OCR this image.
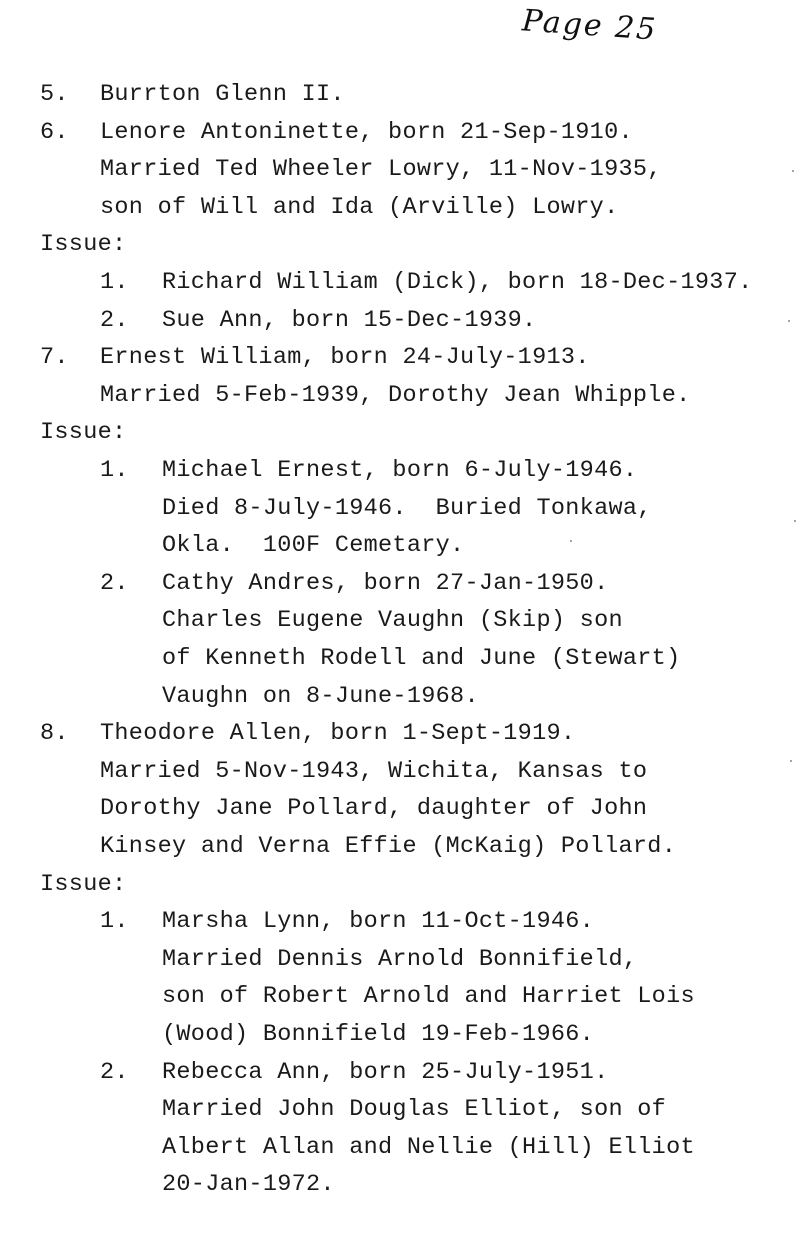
Page 25
5. Burrton Glenn II.
6. Lenore Antoninette, born 21-Sep-1910.
Married Ted Wheeler Lowry, 11-Nov-1935,
son of Will and Ida (Arville) Lowry.
Issue:
1. Richard William (Dick), born 18-Dec-1937.
2. Sue Ann, born 15-Dec-1939.
7. Ernest William, born 24-July-1913.
Married 5-Feb-1939, Dorothy Jean Whipple.
Issue:
1. Michael Ernest, born 6-July-1946.
Died 8-July-1946.  Buried Tonkawa,
Okla.  100F Cemetary.
2. Cathy Andres, born 27-Jan-1950.
Charles Eugene Vaughn (Skip) son
of Kenneth Rodell and June (Stewart)
Vaughn on 8-June-1968.
8. Theodore Allen, born 1-Sept-1919.
Married 5-Nov-1943, Wichita, Kansas to
Dorothy Jane Pollard, daughter of John
Kinsey and Verna Effie (McKaig) Pollard.
Issue:
1. Marsha Lynn, born 11-Oct-1946.
Married Dennis Arnold Bonnifield,
son of Robert Arnold and Harriet Lois
(Wood) Bonnifield 19-Feb-1966.
2. Rebecca Ann, born 25-July-1951.
Married John Douglas Elliot, son of
Albert Allan and Nellie (Hill) Elliot
20-Jan-1972.
